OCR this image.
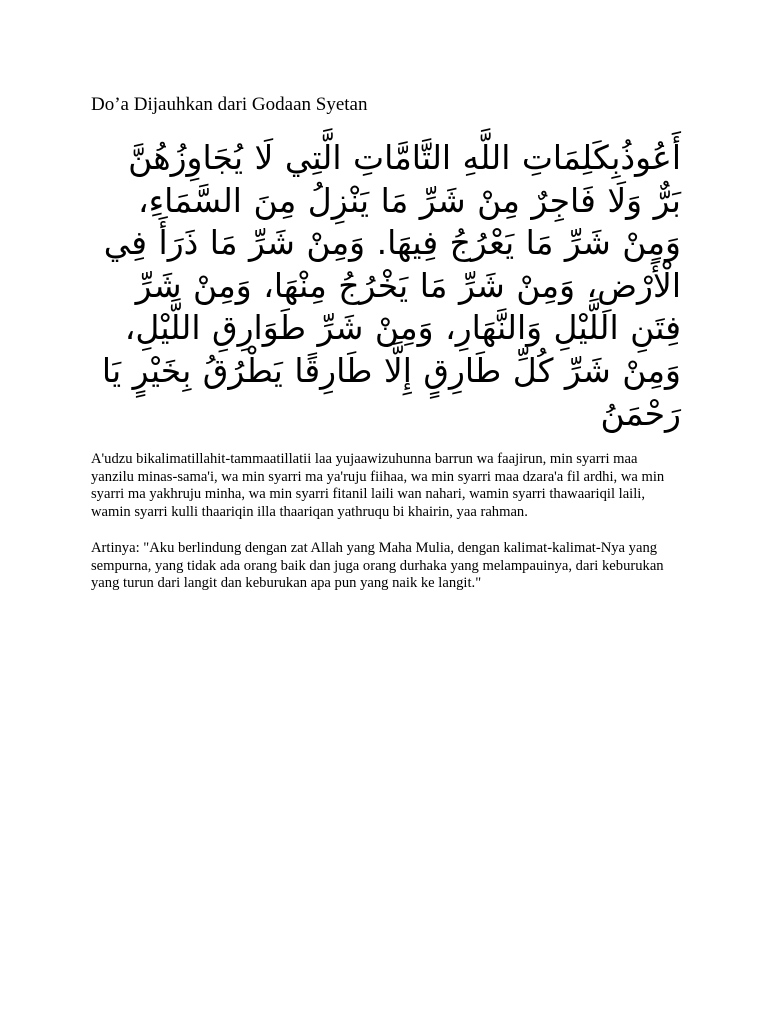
Do’a Dijauhkan dari Godaan Syetan
أَعُوذُبِكَلِمَاتِ اللَّهِ التَّامَّاتِ الَّتِي لَا يُجَاوِزُهُنَّ بَرٌّ وَلَا فَاجِرٌ مِنْ شَرِّ مَا يَنْزِلُ مِنَ السَّمَاءِ، وَمِنْ شَرِّ مَا يَعْرُجُ فِيهَا. وَمِنْ شَرِّ مَا ذَرَأَ فِي الْأَرْضِ، وَمِنْ شَرِّ مَا يَخْرُجُ مِنْهَا، وَمِنْ شَرِّ فِتَنِ اللَّيْلِ وَالنَّهَارِ، وَمِنْ شَرِّ طَوَارِقِ اللَّيْلِ، وَمِنْ شَرِّ كُلِّ طَارِقٍ إِلَّا طَارِقًا يَطْرُقُ بِخَيْرٍ يَا رَحْمَنُ
A'udzu bikalimatillahit-tammaatillatii laa yujaawizuhunna barrun wa faajirun, min syarri maa yanzilu minas-sama'i, wa min syarri ma ya'ruju fiihaa, wa min syarri maa dzara'a fil ardhi, wa min syarri ma yakhruju minha, wa min syarri fitanil laili wan nahari, wamin syarri thawaariqil laili, wamin syarri kulli thaariqin illa thaariqan yathruqu bi khairin, yaa rahman.
Artinya: "Aku berlindung dengan zat Allah yang Maha Mulia, dengan kalimat-kalimat-Nya yang sempurna, yang tidak ada orang baik dan juga orang durhaka yang melampauinya, dari keburukan yang turun dari langit dan keburukan apa pun yang naik ke langit."
